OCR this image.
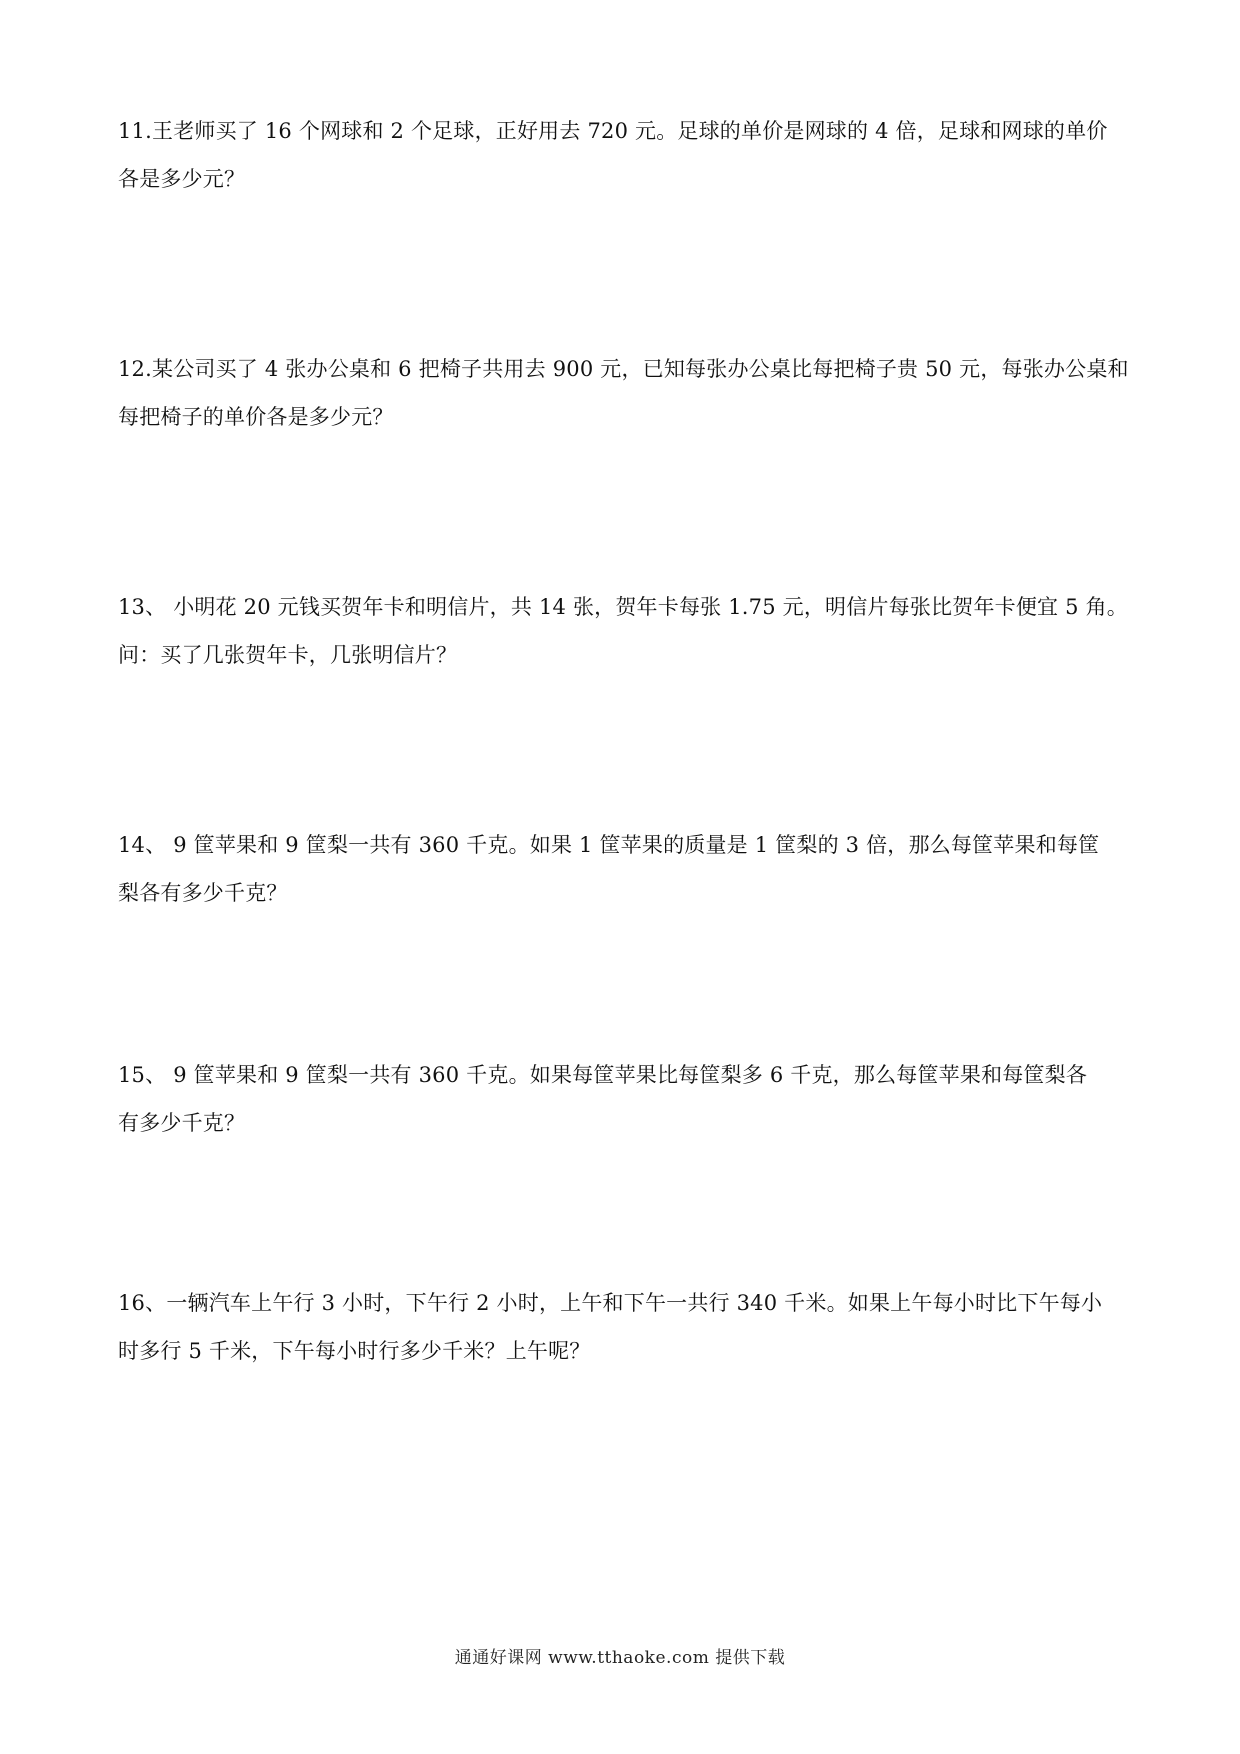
11.王老师买了 16 个网球和 2 个足球，正好用去 720 元。足球的单价是网球的 4 倍，足球和网球的单价

各是多少元？

12.某公司买了 4 张办公桌和 6 把椅子共用去 900 元，已知每张办公桌比每把椅子贵 50 元，每张办公桌和

每把椅子的单价各是多少元？

13、 小明花 20 元钱买贺年卡和明信片，共 14 张，贺年卡每张 1.75 元，明信片每张比贺年卡便宜 5 角。

问：买了几张贺年卡，几张明信片？

14、 9 筐苹果和 9 筐梨一共有 360 千克。如果 1 筐苹果的质量是 1 筐梨的 3 倍，那么每筐苹果和每筐

梨各有多少千克？

15、 9 筐苹果和 9 筐梨一共有 360 千克。如果每筐苹果比每筐梨多 6 千克，那么每筐苹果和每筐梨各

有多少千克？

16、一辆汽车上午行 3 小时，下午行 2 小时，上午和下午一共行 340 千米。如果上午每小时比下午每小

时多行 5 千米，下午每小时行多少千米？上午呢？

通通好课网 www.tthaoke.com 提供下载
